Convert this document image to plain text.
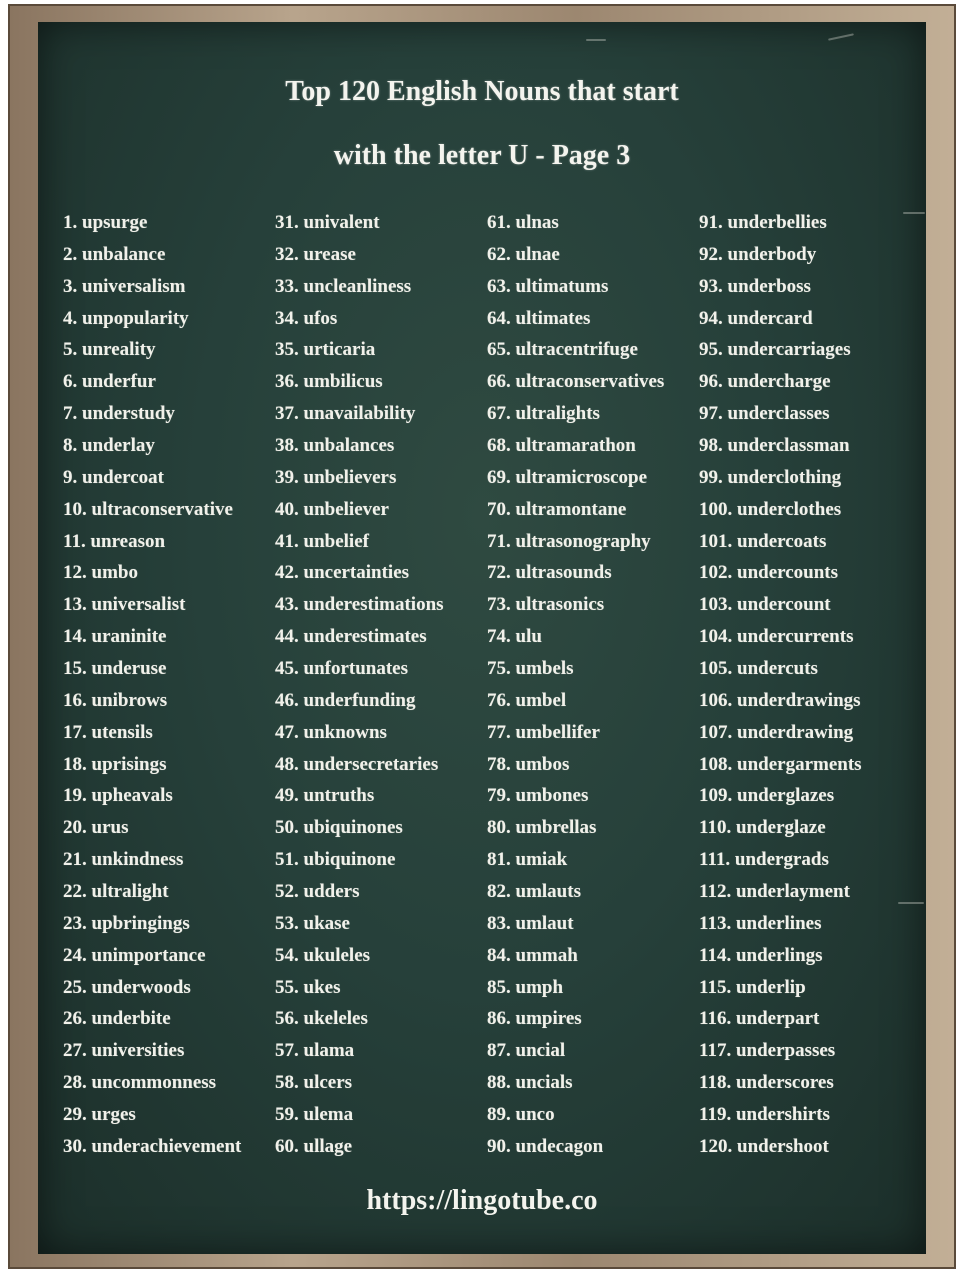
Top 120 English Nouns that start
with the letter U - Page 3
1. upsurge
2. unbalance
3. universalism
4. unpopularity
5. unreality
6. underfur
7. understudy
8. underlay
9. undercoat
10. ultraconservative
11. unreason
12. umbo
13. universalist
14. uraninite
15. underuse
16. unibrows
17. utensils
18. uprisings
19. upheavals
20. urus
21. unkindness
22. ultralight
23. upbringings
24. unimportance
25. underwoods
26. underbite
27. universities
28. uncommonness
29. urges
30. underachievement
31. univalent
32. urease
33. uncleanliness
34. ufos
35. urticaria
36. umbilicus
37. unavailability
38. unbalances
39. unbelievers
40. unbeliever
41. unbelief
42. uncertainties
43. underestimations
44. underestimates
45. unfortunates
46. underfunding
47. unknowns
48. undersecretaries
49. untruths
50. ubiquinones
51. ubiquinone
52. udders
53. ukase
54. ukuleles
55. ukes
56. ukeleles
57. ulama
58. ulcers
59. ulema
60. ullage
61. ulnas
62. ulnae
63. ultimatums
64. ultimates
65. ultracentrifuge
66. ultraconservatives
67. ultralights
68. ultramarathon
69. ultramicroscope
70. ultramontane
71. ultrasonography
72. ultrasounds
73. ultrasonics
74. ulu
75. umbels
76. umbel
77. umbellifer
78. umbos
79. umbones
80. umbrellas
81. umiak
82. umlauts
83. umlaut
84. ummah
85. umph
86. umpires
87. uncial
88. uncials
89. unco
90. undecagon
91. underbellies
92. underbody
93. underboss
94. undercard
95. undercarriages
96. undercharge
97. underclasses
98. underclassman
99. underclothing
100. underclothes
101. undercoats
102. undercounts
103. undercount
104. undercurrents
105. undercuts
106. underdrawings
107. underdrawing
108. undergarments
109. underglazes
110. underglaze
111. undergrads
112. underlayment
113. underlines
114. underlings
115. underlip
116. underpart
117. underpasses
118. underscores
119. undershirts
120. undershoot
https://lingotube.co
